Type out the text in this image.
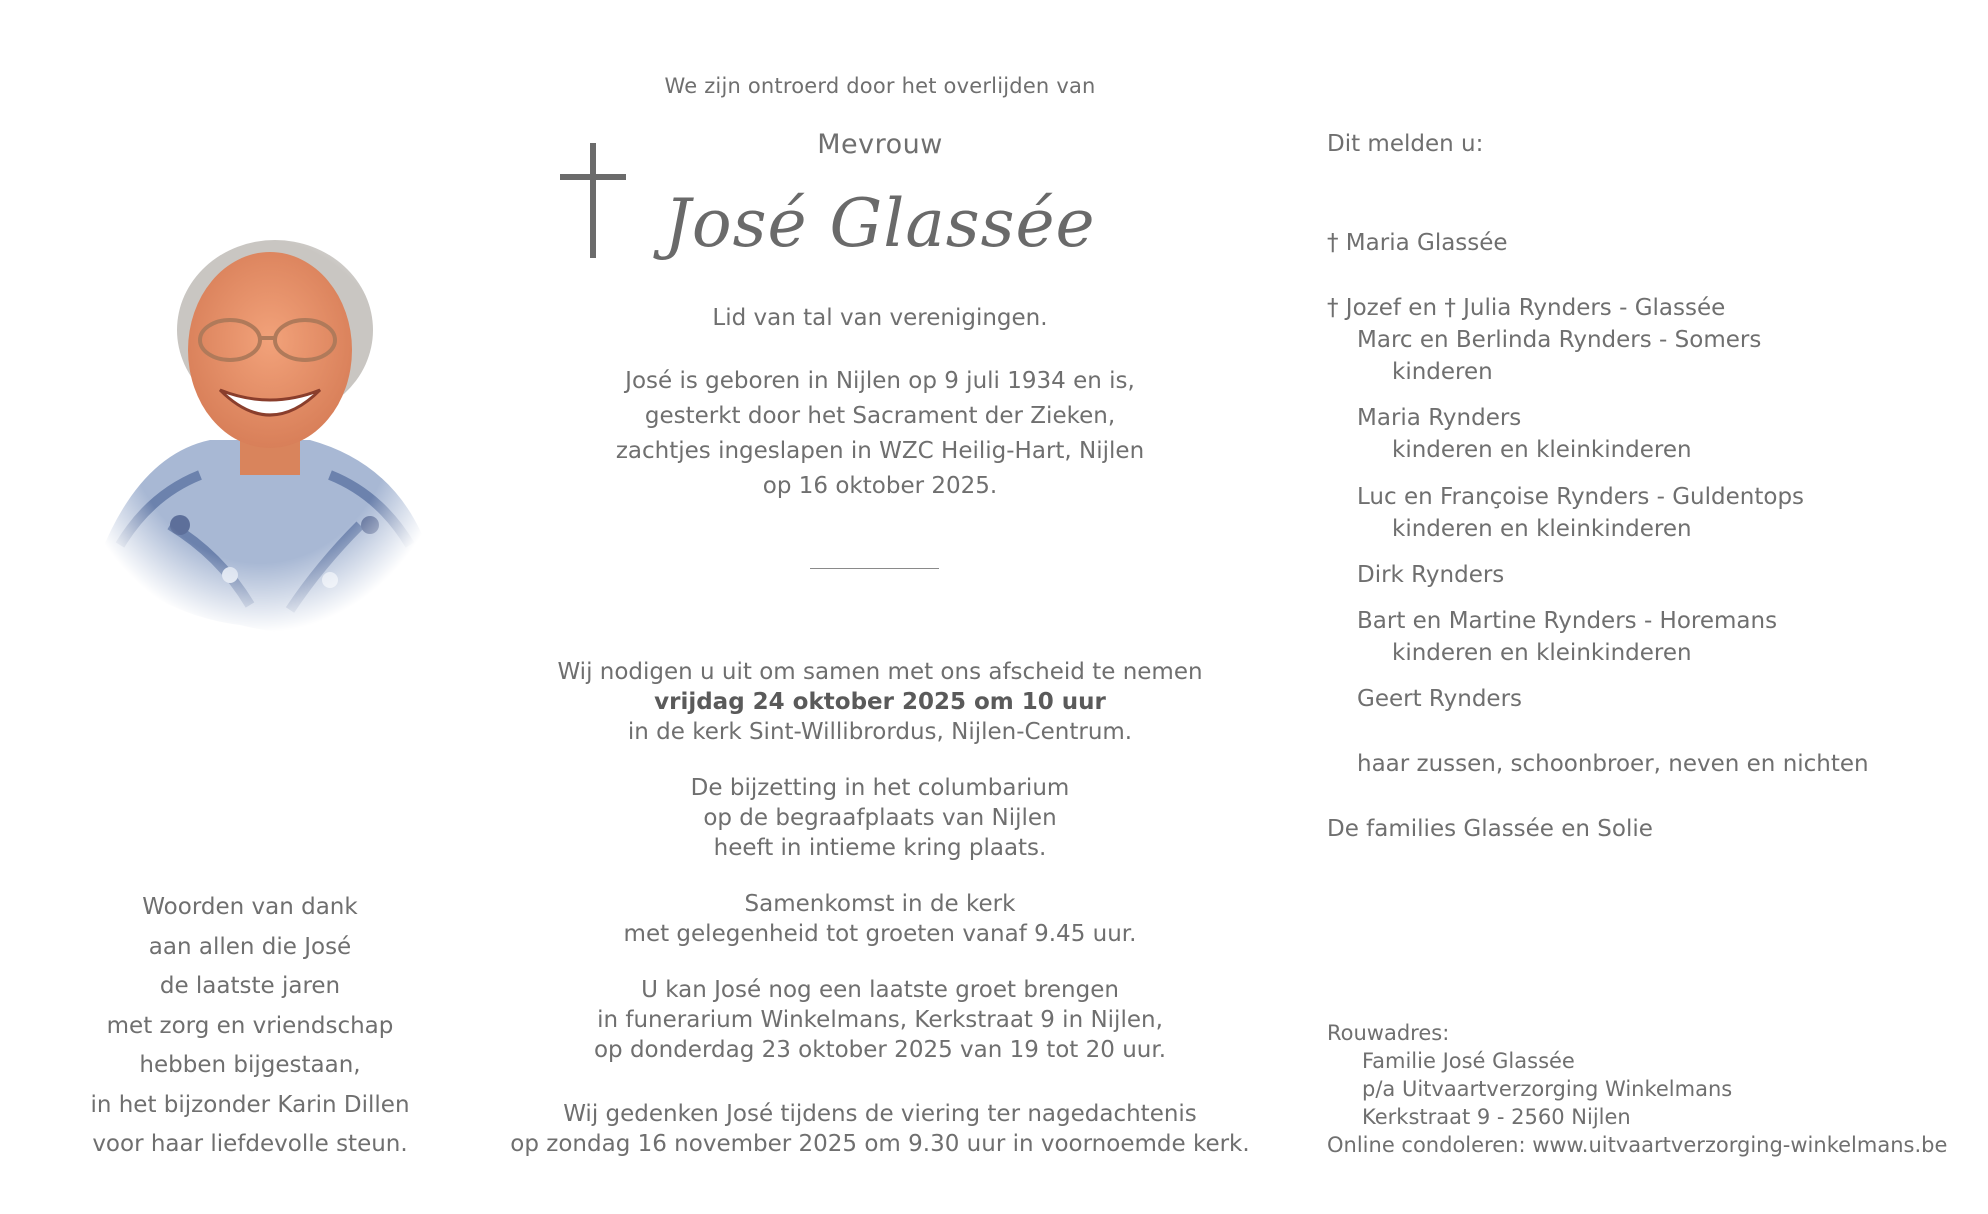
We zijn ontroerd door het overlijden van
Mevrouw
José Glassée
Lid van tal van verenigingen.
José is geboren in Nijlen op 9 juli 1934 en is,
gesterkt door het Sacrament der Zieken,
zachtjes ingeslapen in WZC Heilig-Hart, Nijlen
op 16 oktober 2025.
Wij nodigen u uit om samen met ons afscheid te nemen
vrijdag 24 oktober 2025 om 10 uur
in de kerk Sint-Willibrordus, Nijlen-Centrum.
De bijzetting in het columbarium
op de begraafplaats van Nijlen
heeft in intieme kring plaats.
Samenkomst in de kerk
met gelegenheid tot groeten vanaf 9.45 uur.
U kan José nog een laatste groet brengen
in funerarium Winkelmans, Kerkstraat 9 in Nijlen,
op donderdag 23 oktober 2025 van 19 tot 20 uur.
Wij gedenken José tijdens de viering ter nagedachtenis
op zondag 16 november 2025 om 9.30 uur in voornoemde kerk.
Woorden van dank
aan allen die José
de laatste jaren
met zorg en vriendschap
hebben bijgestaan,
in het bijzonder Karin Dillen
voor haar liefdevolle steun.
Dit melden u:
† Maria Glassée
† Jozef en † Julia Rynders - Glassée
Marc en Berlinda Rynders - Somers
kinderen
Maria Rynders
kinderen en kleinkinderen
Luc en Françoise Rynders - Guldentops
kinderen en kleinkinderen
Dirk Rynders
Bart en Martine Rynders - Horemans
kinderen en kleinkinderen
Geert Rynders
haar zussen, schoonbroer, neven en nichten
De families Glassée en Solie
Rouwadres:
Familie José Glassée
p/a Uitvaartverzorging Winkelmans
Kerkstraat 9 - 2560 Nijlen
Online condoleren: www.uitvaartverzorging-winkelmans.be
